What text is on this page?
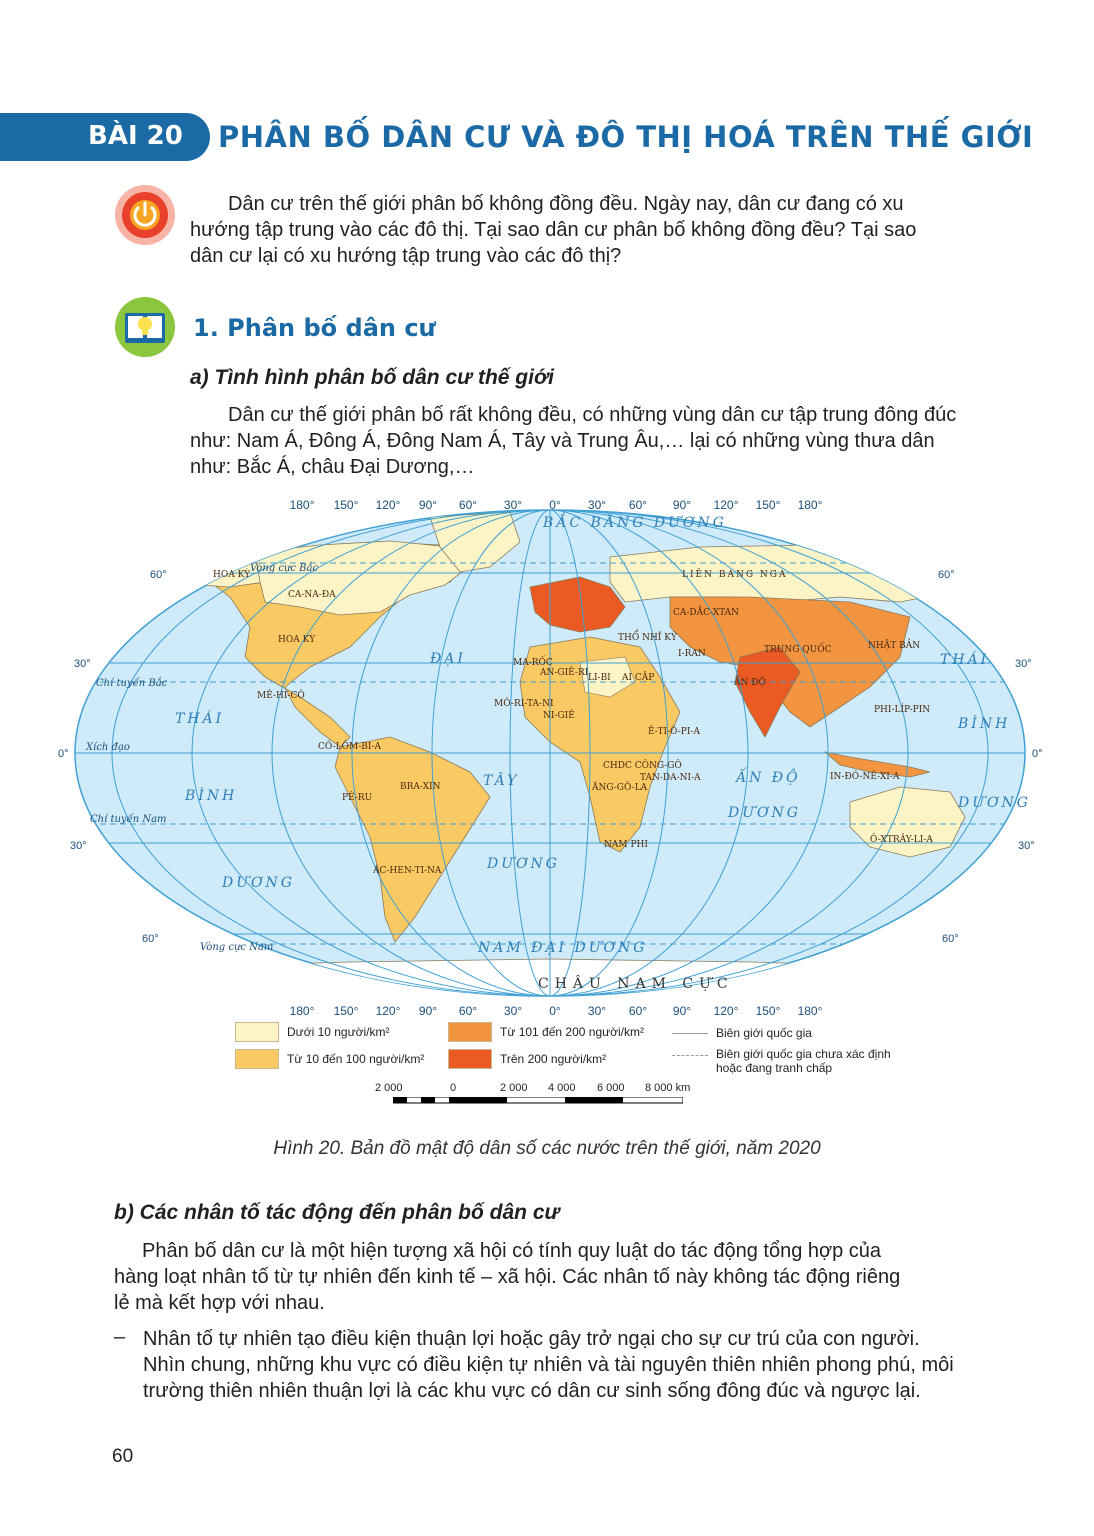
BÀI 20 PHÂN BỐ DÂN CƯ VÀ ĐÔ THỊ HOÁ TRÊN THẾ GIỚI
Dân cư trên thế giới phân bố không đồng đều. Ngày nay, dân cư đang có xu
hướng tập trung vào các đô thị. Tại sao dân cư phân bố không đồng đều? Tại sao
dân cư lại có xu hướng tập trung vào các đô thị?
1. Phân bố dân cư
a) Tình hình phân bố dân cư thế giới
Dân cư thế giới phân bố rất không đều, có những vùng dân cư tập trung đông đúc
như: Nam Á, Đông Á, Đông Nam Á, Tây và Trung Âu,… lại có những vùng thưa dân
như: Bắc Á, châu Đại Dương,…
180° 150° 120° 90° 60° 30° 0° 30° 60° 90° 120° 150° 180°
180° 150° 120° 90° 60° 30° 0° 30° 60° 90° 120° 150° 180°
60°	60°
30°	30°
0°	0°
30°	30°
60°	60°
Vòng cực Bắc
Chí tuyến Bắc
Xích đạo
Chí tuyến Nam
Vòng cực Nam
BẮC BĂNG DƯƠNG
THÁI
BÌNH
DƯƠNG
ĐẠI
TÂY
DƯƠNG
ẤN ĐỘ
DƯƠNG
THÁI
BÌNH
DƯƠNG
NAM ĐẠI DƯƠNG
CHÂU NAM CỰC
HOA KỲ
CA-NA-ĐA
HOA KỲ
MÊ-HI-CÔ
CÔ-LÔM-BI-A
BRA-XIN
PÊ-RU
ÁC-HEN-TI-NA
LIÊN BANG NGA
CA-DẮC-XTAN
THỔ NHĨ KỲ
I-RAN	TRUNG QUỐC	NHẬT BẢN
ẤN ĐỘ
PHI-LÍP-PIN
IN-ĐÔ-NÊ-XI-A
Ô-XTRÂY-LI-A
AN-GIÊ-RI LI-BI AI CẬP
MA-RỐC
MÔ-RI-TA-NI
NI-GIÊ
Ê-TI-Ô-PI-A
CHDC CÔNG-GÔ
TAN-DA-NI-A
ĂNG-GÔ-LA
NAM PHI
Dưới 10 người/km²
Từ 10 đến 100 người/km²
Từ 101 đến 200 người/km²
Trên 200 người/km²
Biên giới quốc gia
Biên giới quốc gia chưa xác định
hoặc đang tranh chấp
2 000	0	2 000 4 000 6 000 8 000 km
Hình 20. Bản đồ mật độ dân số các nước trên thế giới, năm 2020
b) Các nhân tố tác động đến phân bố dân cư
Phân bố dân cư là một hiện tượng xã hội có tính quy luật do tác động tổng hợp của
hàng loạt nhân tố từ tự nhiên đến kinh tế – xã hội. Các nhân tố này không tác động riêng
lẻ mà kết hợp với nhau.
– Nhân tố tự nhiên tạo điều kiện thuận lợi hoặc gây trở ngại cho sự cư trú của con người.
Nhìn chung, những khu vực có điều kiện tự nhiên và tài nguyên thiên nhiên phong phú, môi
trường thiên nhiên thuận lợi là các khu vực có dân cư sinh sống đông đúc và ngược lại.
60
